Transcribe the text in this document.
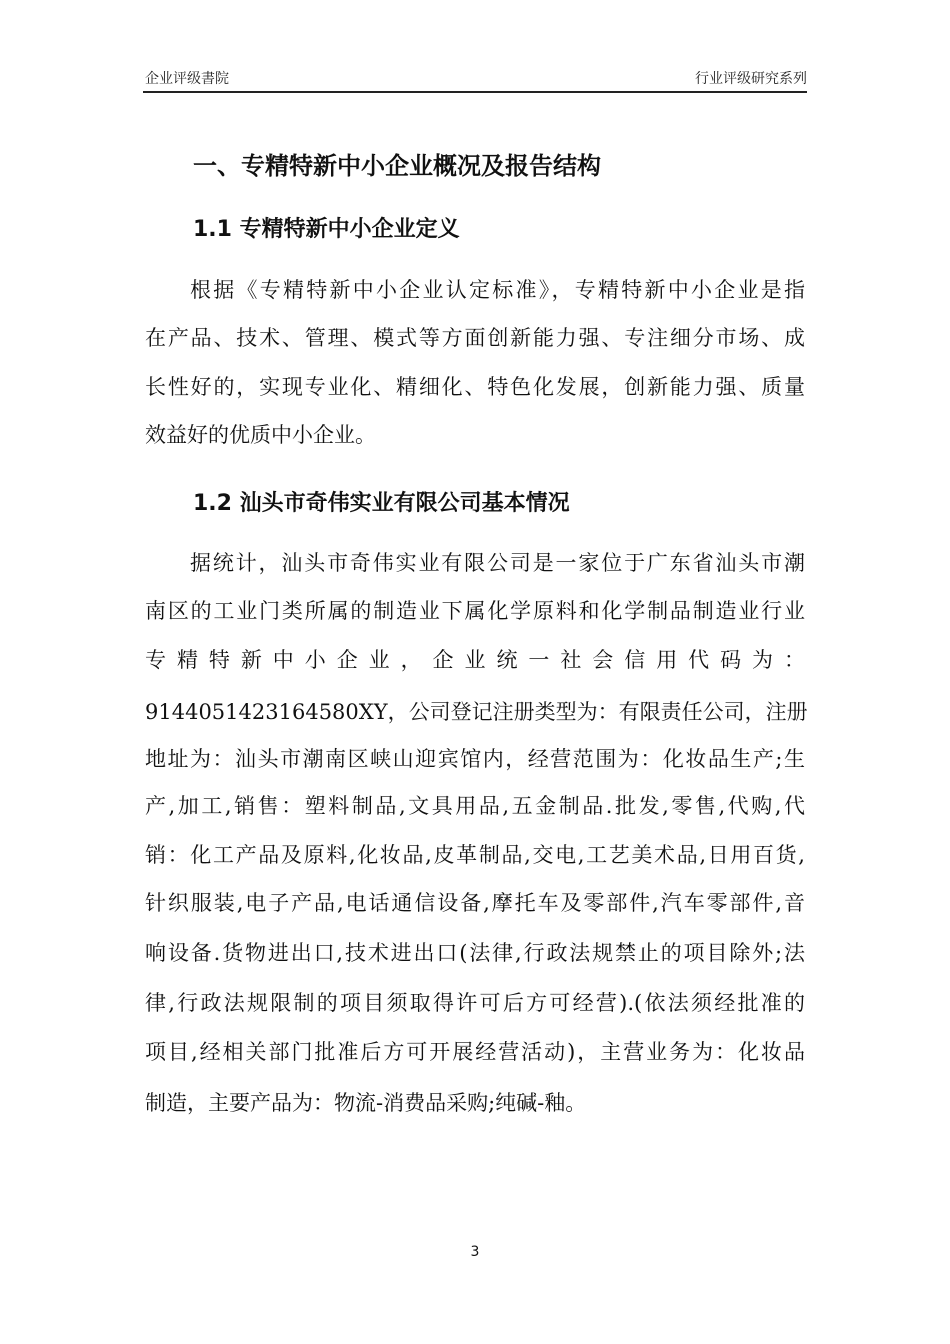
企业评级書院	行业评级研究系列
一、专精特新中小企业概况及报告结构
1.1 专精特新中小企业定义
根据《专精特新中小企业认定标准》，专精特新中小企业是指
在产品、技术、管理、模式等方面创新能力强、专注细分市场、成
长性好的，实现专业化、精细化、特色化发展，创新能力强、质量
效益好的优质中小企业。
1.2 汕头市奇伟实业有限公司基本情况
据统计，汕头市奇伟实业有限公司是一家位于广东省汕头市潮
南区的工业门类所属的制造业下属化学原料和化学制品制造业行业
专精特新中小企业，企业统一社会信用代码为：
9144051423164580XY，公司登记注册类型为：有限责任公司，注册
地址为：汕头市潮南区峡山迎宾馆内，经营范围为：化妆品生产;生
产,加工,销售：塑料制品,文具用品,五金制品.批发,零售,代购,代
销：化工产品及原料,化妆品,皮革制品,交电,工艺美术品,日用百货,
针织服装,电子产品,电话通信设备,摩托车及零部件,汽车零部件,音
响设备.货物进出口,技术进出口(法律,行政法规禁止的项目除外;法
律,行政法规限制的项目须取得许可后方可经营).(依法须经批准的
项目,经相关部门批准后方可开展经营活动)，主营业务为：化妆品
制造，主要产品为：物流-消费品采购;纯碱-釉。
3
